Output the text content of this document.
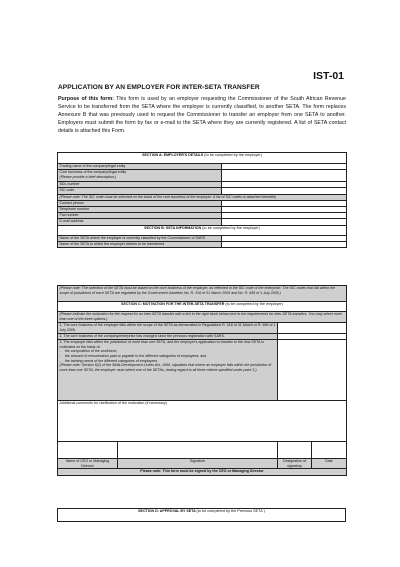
IST-01
APPLICATION BY AN EMPLOYER FOR INTER-SETA TRANSFER
Purpose of this form: This form is used by an employer requesting the Commissioner of the South African Revenue Service to be transferred from the SETA where the employer is currently classified, to another SETA. The form replaces Annexure B that was previously used to request the Commissioner to transfer an employer from one SETA to another. Employers must submit the form by fax or e-mail to the SETA where they are currently registered. A list of SETA contact details is attached this Form.
SECTION A: EMPLOYER'S DETAILS (to be completed by the employer)	
Trading name of the company/legal entity	
Core business of the company/legal entity
(Please provide a brief description.)	
SDL number	
SIC code	
(Please note: The SIC code must be selected on the basis of the core business of the employer. A list of SIC codes is attached herewith)	
Contact person	
Telephone number	
Fax number	
E-mail address	
SECTION B: SETA INFORMATION (to be completed by the employer)	
Name of the SETA where the employer is currently classified by the Commissioner of SARS	
Name of the SETA to which the employer wishes to be transferred	
(Please note: The selection of the SETA must be based on the core business of the employer, as reflected in the SIC code of the enterprise. The SIC codes that fall within the scope of jurisdiction of each SETA are regulated by the Government Gazettes No. R. 316 of 31 March 2005 and No. R. 656 of 1 July 2005.)			
SECTION C: MOTIVATION FOR THE INTER-SETA TRANSFER (to be completed by the employer)			
(Please indicate the motivation for the request for an inter-SETA transfer with a tick in the right block below next to the requirements for inter-SETA transfers. You may select more than one of the three options.)			
1. The core business of the employer falls within the scope of the SETA as demarcated in Regulations R. 316 of 31 March or R. 656 of 1 July 2005.			
2. The core business of the company/enterprise has changed since the previous registration with SARS.			
3. The employer falls within the jurisdiction of more than one SETA, and the employer's application to transfer to the new SETA is motivated on the basis of:
-    the composition of the workforce,
-    the amount of remuneration paid or payable to the different categories of employees; and
-    the training needs of the different categories of employees.
(Please note: Section 5(2) of the Skills Development Levies Act, 1999, stipulates that where an employer falls within the jurisdiction of more than one SETA, the employer must select one of the SETAs, having regard to all three criteria specified under point 3.)			
Additional comments for clarification of the motivation (if necessary)			

Name of CEO or Managing Director	Signature	Designation of signatory	Date
Please note: This form must be signed by the CEO or Managing Director			
SECTION D: APPROVAL BY SETA (to be completed by the Previous SETA )
